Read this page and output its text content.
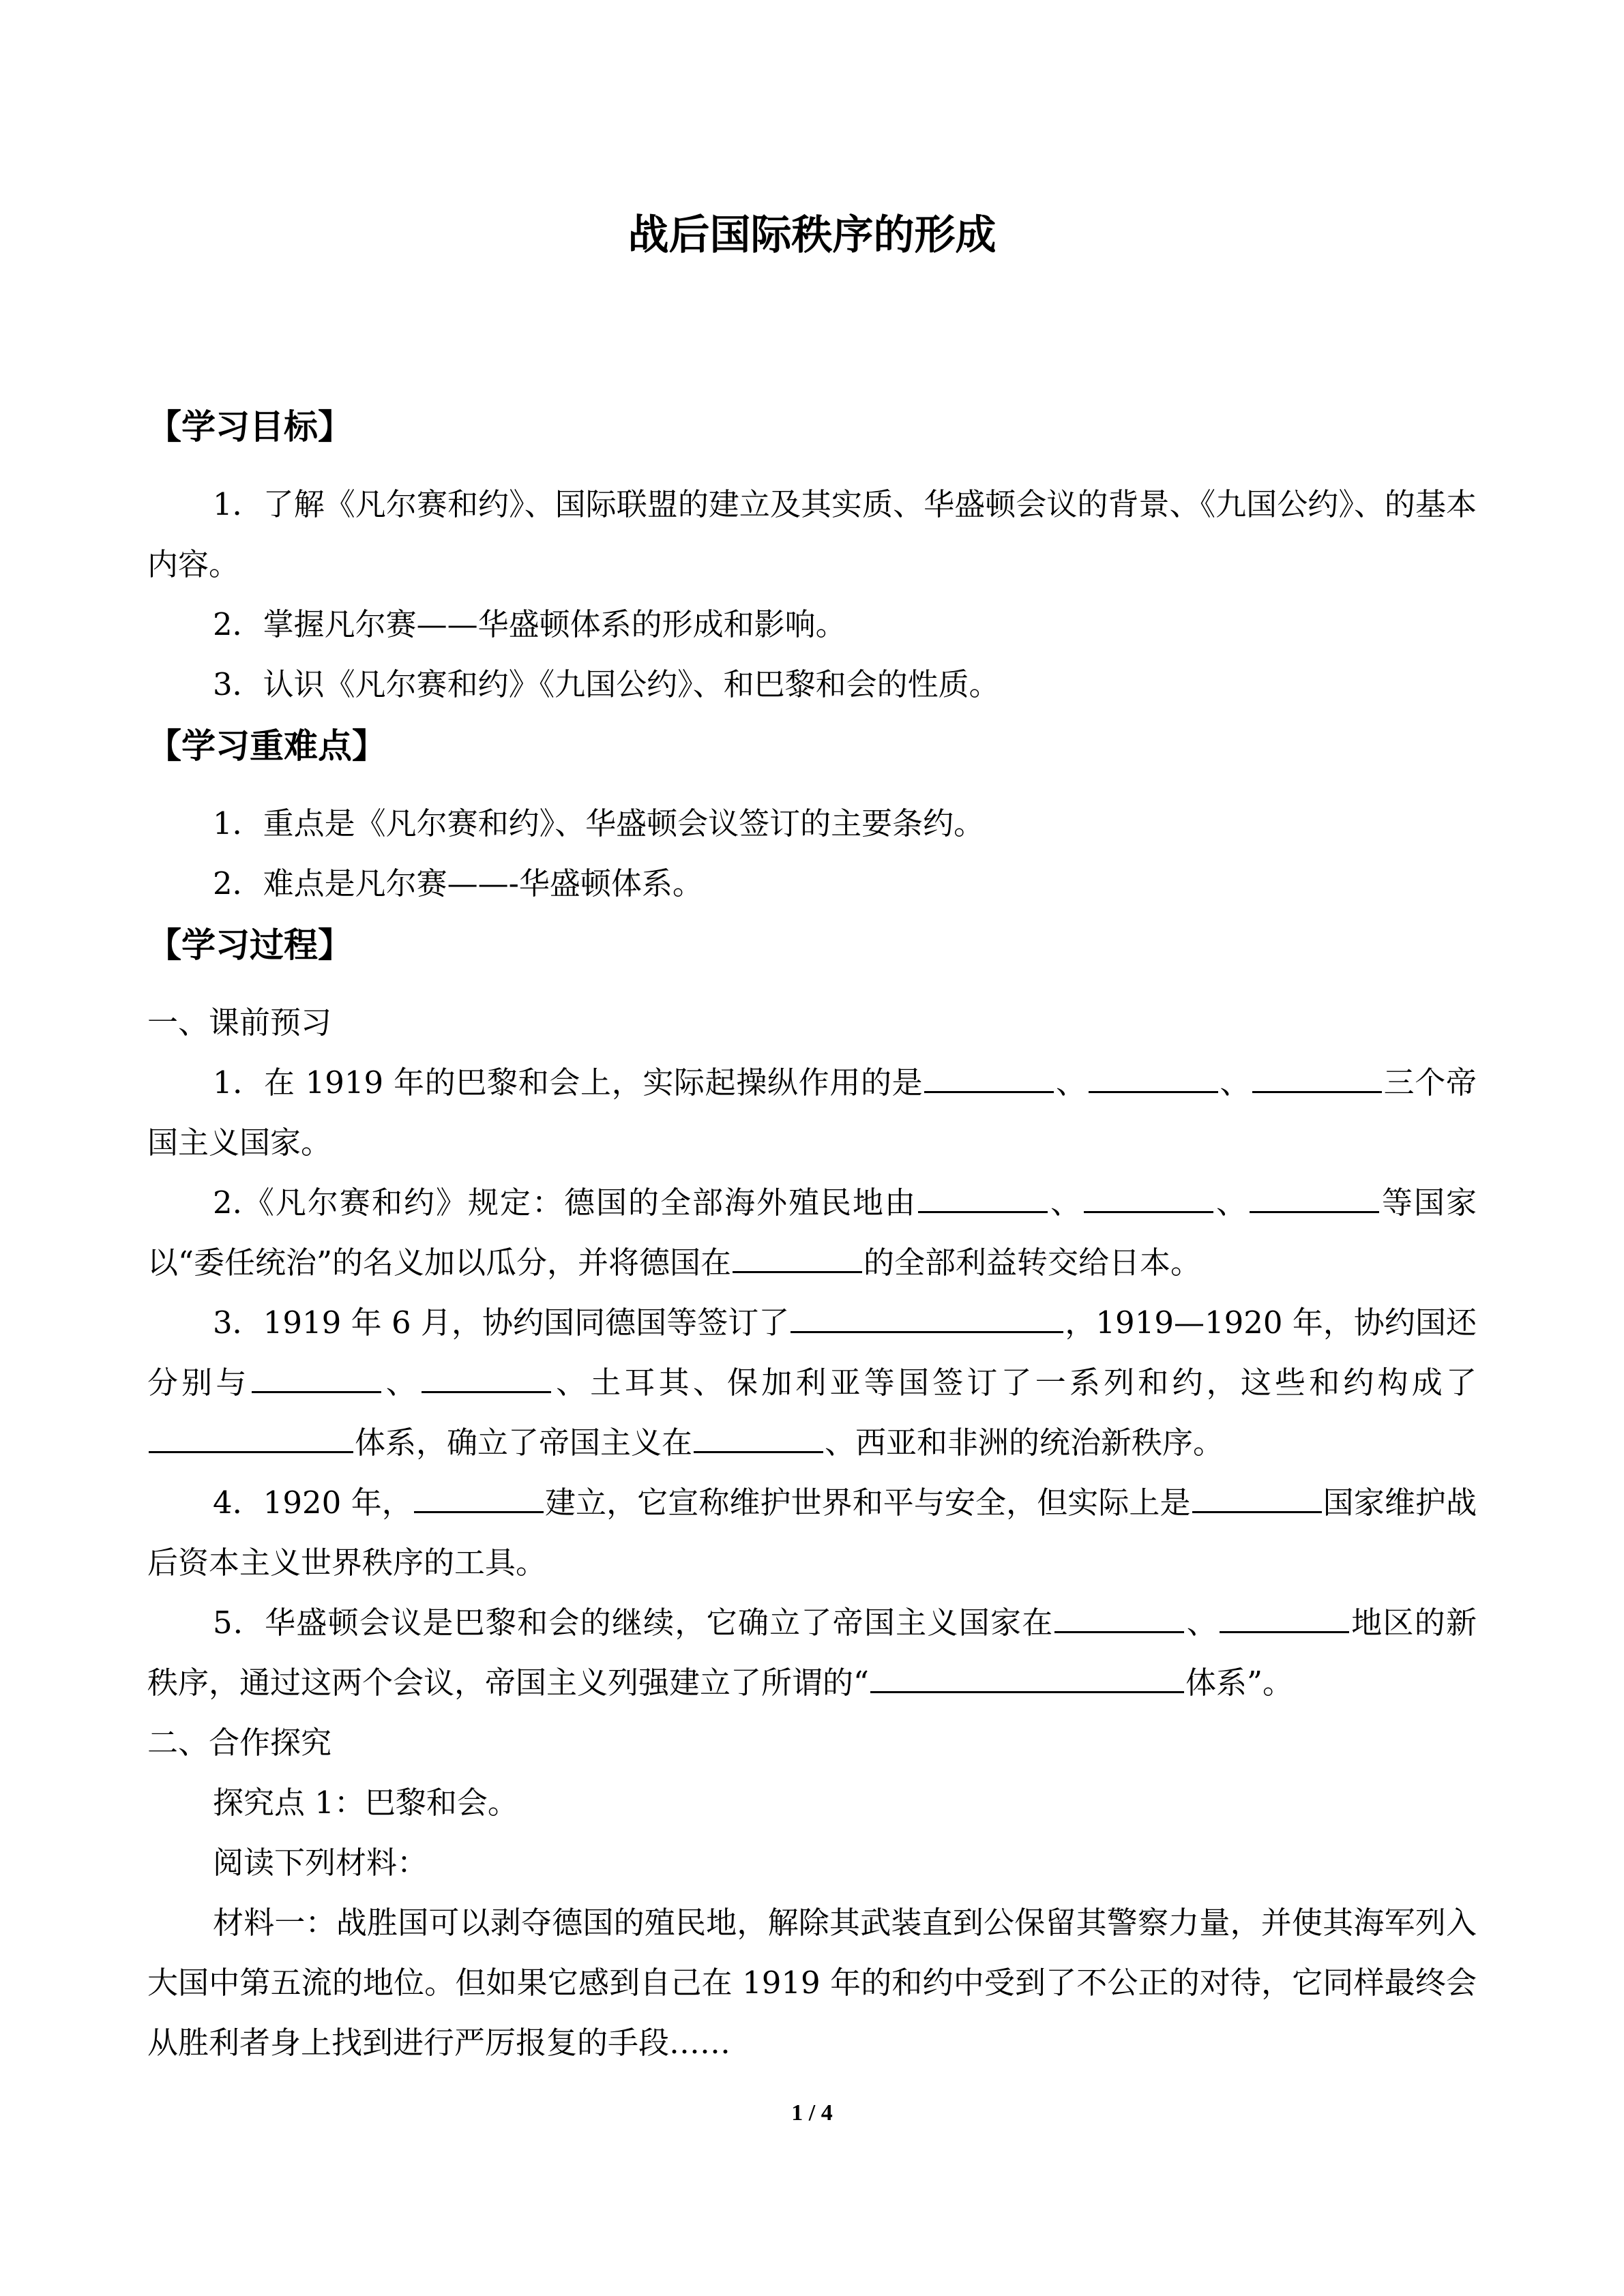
战后国际秩序的形成
【学习目标】

1．了解《凡尔赛和约》、国际联盟的建立及其实质、华盛顿会议的背景、《九国公约》、的基本内容。

2．掌握凡尔赛——华盛顿体系的形成和影响。

3．认识《凡尔赛和约》《九国公约》、和巴黎和会的性质。

【学习重难点】

1．重点是《凡尔赛和约》、华盛顿会议签订的主要条约。

2．难点是凡尔赛——-华盛顿体系。

【学习过程】

一、课前预习

1．在 1919 年的巴黎和会上，实际起操纵作用的是	、	、	三个帝国主义国家。

2.《凡尔赛和约》规定：德国的全部海外殖民地由	、	、	等国家以“委任统治”的名义加以瓜分，并将德国在	的全部利益转交给日本。

3．1919 年 6 月，协约国同德国等签订了	，1919—1920 年，协约国还分别与	、	、土耳其、保加利亚等国签订了一系列和约，这些和约构成了体系，确立了帝国主义在	、西亚和非洲的统治新秩序。

4．1920 年，	建立，它宣称维护世界和平与安全，但实际上是	国家维护战后资本主义世界秩序的工具。

5．华盛顿会议是巴黎和会的继续，它确立了帝国主义国家在	、	地区的新秩序，通过这两个会议，帝国主义列强建立了所谓的“	体系”。

二、合作探究

探究点 1：巴黎和会。

阅读下列材料：

材料一：战胜国可以剥夺德国的殖民地，解除其武装直到公保留其警察力量，并使其海军列入大国中第五流的地位。但如果它感到自己在 1919 年的和约中受到了不公正的对待，它同样最终会从胜利者身上找到进行严厉报复的手段……

1 / 4
